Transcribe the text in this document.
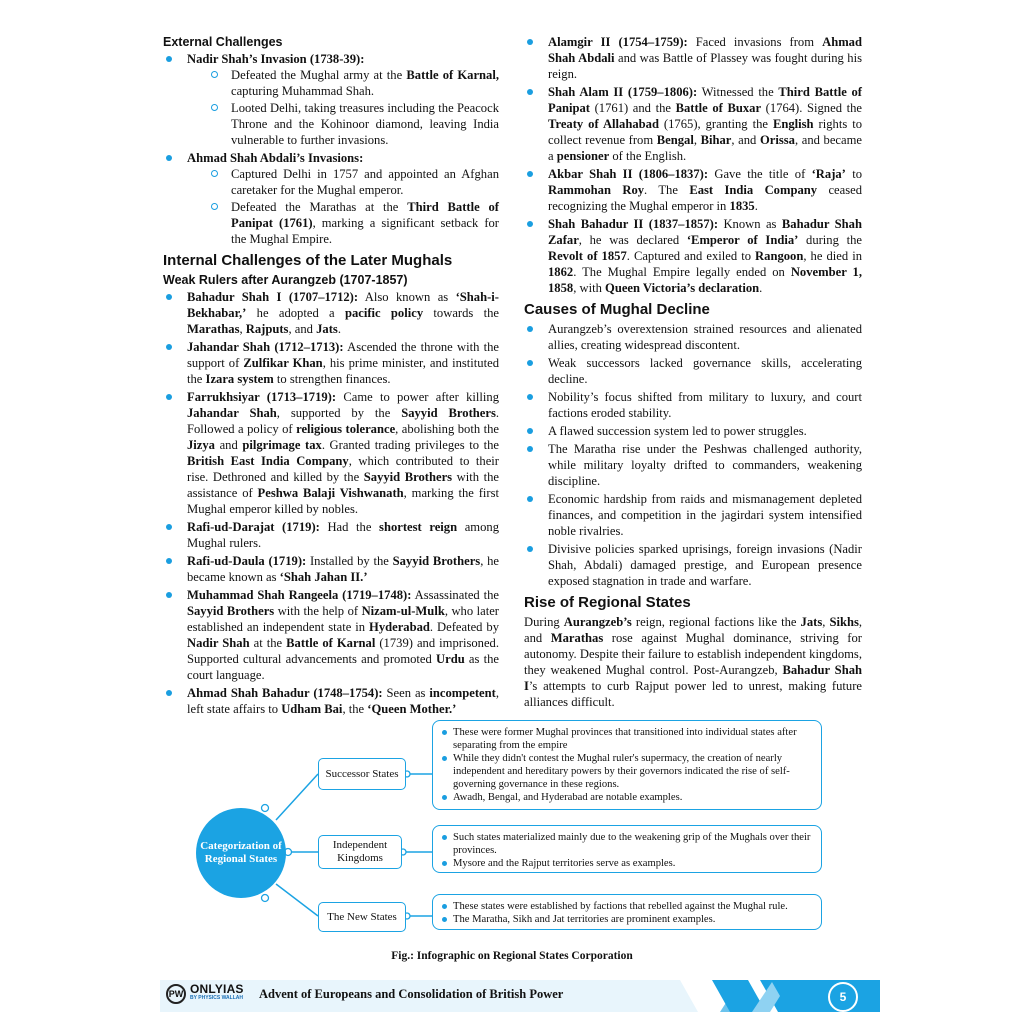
External Challenges
Nadir Shah’s Invasion (1738-39):
Defeated the Mughal army at the Battle of Karnal, capturing Muhammad Shah.
Looted Delhi, taking treasures including the Peacock Throne and the Kohinoor diamond, leaving India vulnerable to further invasions.
Ahmad Shah Abdali’s Invasions:
Captured Delhi in 1757 and appointed an Afghan caretaker for the Mughal emperor.
Defeated the Marathas at the Third Battle of Panipat (1761), marking a significant setback for the Mughal Empire.
Internal Challenges of the Later Mughals
Weak Rulers after Aurangzeb (1707-1857)
Bahadur Shah I (1707–1712): Also known as ‘Shah-i-Bekhabar,’ he adopted a pacific policy towards the Marathas, Rajputs, and Jats.
Jahandar Shah (1712–1713): Ascended the throne with the support of Zulfikar Khan, his prime minister, and instituted the Izara system to strengthen finances.
Farrukhsiyar (1713–1719): Came to power after killing Jahandar Shah, supported by the Sayyid Brothers. Followed a policy of religious tolerance, abolishing both the Jizya and pilgrimage tax. Granted trading privileges to the British East India Company, which contributed to their rise. Dethroned and killed by the Sayyid Brothers with the assistance of Peshwa Balaji Vishwanath, marking the first Mughal emperor killed by nobles.
Rafi-ud-Darajat (1719): Had the shortest reign among Mughal rulers.
Rafi-ud-Daula (1719): Installed by the Sayyid Brothers, he became known as ‘Shah Jahan II.’
Muhammad Shah Rangeela (1719–1748): Assassinated the Sayyid Brothers with the help of Nizam-ul-Mulk, who later established an independent state in Hyderabad. Defeated by Nadir Shah at the Battle of Karnal (1739) and imprisoned. Supported cultural advancements and promoted Urdu as the court language.
Ahmad Shah Bahadur (1748–1754): Seen as incompetent, left state affairs to Udham Bai, the ‘Queen Mother.’
Alamgir II (1754–1759): Faced invasions from Ahmad Shah Abdali and was Battle of Plassey was fought during his reign.
Shah Alam II (1759–1806): Witnessed the Third Battle of Panipat (1761) and the Battle of Buxar (1764). Signed the Treaty of Allahabad (1765), granting the English rights to collect revenue from Bengal, Bihar, and Orissa, and became a pensioner of the English.
Akbar Shah II (1806–1837): Gave the title of ‘Raja’ to Rammohan Roy. The East India Company ceased recognizing the Mughal emperor in 1835.
Shah Bahadur II (1837–1857): Known as Bahadur Shah Zafar, he was declared ‘Emperor of India’ during the Revolt of 1857. Captured and exiled to Rangoon, he died in 1862. The Mughal Empire legally ended on November 1, 1858, with Queen Victoria’s declaration.
Causes of Mughal Decline
Aurangzeb’s overextension strained resources and alienated allies, creating widespread discontent.
Weak successors lacked governance skills, accelerating decline.
Nobility’s focus shifted from military to luxury, and court factions eroded stability.
A flawed succession system led to power struggles.
The Maratha rise under the Peshwas challenged authority, while military loyalty drifted to commanders, weakening discipline.
Economic hardship from raids and mismanagement depleted finances, and competition in the jagirdari system intensified noble rivalries.
Divisive policies sparked uprisings, foreign invasions (Nadir Shah, Abdali) damaged prestige, and European presence exposed stagnation in trade and warfare.
Rise of Regional States

During Aurangzeb’s reign, regional factions like the Jats, Sikhs, and Marathas rose against Mughal dominance, striving for autonomy. Despite their failure to establish independent kingdoms, they weakened Mughal control. Post-Aurangzeb, Bahadur Shah I’s attempts to curb Rajput power led to unrest, making future alliances difficult.

Categorization of Regional States
Successor States
Independent Kingdoms
The New States
These were former Mughal provinces that transitioned into individual states after separating from the empire
While they didn't contest the Mughal ruler's supermacy, the creation of nearly independent and hereditary powers by their governors indicated the rise of self-governing governance in these regions.
Awadh, Bengal, and Hyderabad are notable examples.
Such states materialized mainly due to the weakening grip of the Mughals over their provinces.
Mysore and the Rajput territories serve as examples.
These states were established by factions that rebelled against the Mughal rule.
The Maratha, Sikh and Jat territories are prominent examples.
Fig.: Infographic on Regional States Corporation
PW ONLYIAS
BY PHYSICS WALLAH Advent of Europeans and Consolidation of British Power	5
